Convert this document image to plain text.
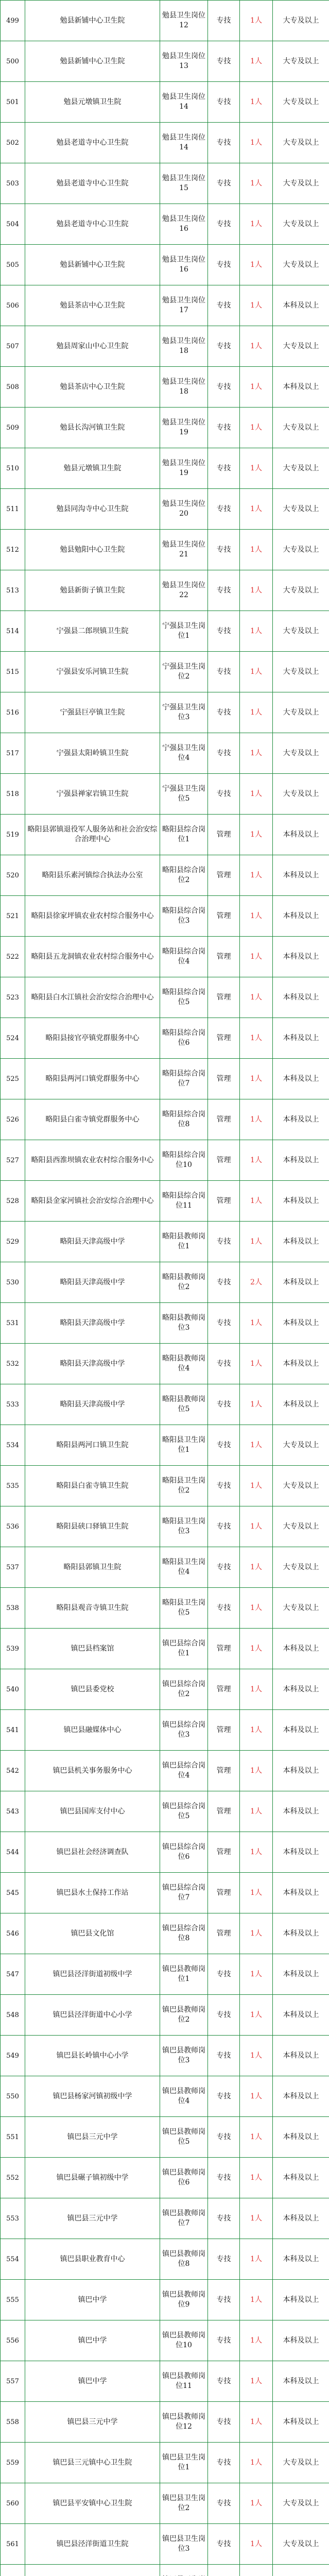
499	勉县新铺中心卫生院	勉县卫生岗位12	专技	1人	大专及以上
500	勉县新铺中心卫生院	勉县卫生岗位13	专技	1人	大专及以上
501	勉县元墩镇卫生院	勉县卫生岗位14	专技	1人	大专及以上
502	勉县老道寺中心卫生院	勉县卫生岗位14	专技	1人	大专及以上
503	勉县老道寺中心卫生院	勉县卫生岗位15	专技	1人	大专及以上
504	勉县老道寺中心卫生院	勉县卫生岗位16	专技	1人	大专及以上
505	勉县新铺中心卫生院	勉县卫生岗位16	专技	1人	大专及以上
506	勉县茶店中心卫生院	勉县卫生岗位17	专技	1人	本科及以上
507	勉县周家山中心卫生院	勉县卫生岗位18	专技	1人	大专及以上
508	勉县茶店中心卫生院	勉县卫生岗位18	专技	1人	本科及以上
509	勉县长沟河镇卫生院	勉县卫生岗位19	专技	1人	大专及以上
510	勉县元墩镇卫生院	勉县卫生岗位19	专技	1人	大专及以上
511	勉县同沟寺中心卫生院	勉县卫生岗位20	专技	1人	大专及以上
512	勉县勉阳中心卫生院	勉县卫生岗位21	专技	1人	大专及以上
513	勉县新街子镇卫生院	勉县卫生岗位22	专技	1人	大专及以上
514	宁强县二郎坝镇卫生院	宁强县卫生岗位1	专技	1人	大专及以上
515	宁强县安乐河镇卫生院	宁强县卫生岗位2	专技	1人	大专及以上
516	宁强县巨亭镇卫生院	宁强县卫生岗位3	专技	1人	大专及以上
517	宁强县太阳岭镇卫生院	宁强县卫生岗位4	专技	1人	大专及以上
518	宁强县禅家岩镇卫生院	宁强县卫生岗位5	专技	1人	大专及以上
519	略阳县郭镇退役军人服务站和社会治安综合治理中心	略阳县综合岗位1	管理	1人	本科及以上
520	略阳县乐素河镇综合执法办公室	略阳县综合岗位2	管理	1人	本科及以上
521	略阳县徐家坪镇农业农村综合服务中心	略阳县综合岗位3	管理	1人	本科及以上
522	略阳县五龙洞镇农业农村综合服务中心	略阳县综合岗位4	管理	1人	本科及以上
523	略阳县白水江镇社会治安综合治理中心	略阳县综合岗位5	管理	1人	本科及以上
524	略阳县接官亭镇党群服务中心	略阳县综合岗位6	管理	1人	本科及以上
525	略阳县两河口镇党群服务中心	略阳县综合岗位7	管理	1人	本科及以上
526	略阳县白雀寺镇党群服务中心	略阳县综合岗位8	管理	1人	本科及以上
527	略阳县西淮坝镇农业农村综合服务中心	略阳县综合岗位10	管理	1人	本科及以上
528	略阳县金家河镇社会治安综合治理中心	略阳县综合岗位11	管理	1人	本科及以上
529	略阳县天津高级中学	略阳县教师岗位1	专技	1人	本科及以上
530	略阳县天津高级中学	略阳县教师岗位2	专技	2人	本科及以上
531	略阳县天津高级中学	略阳县教师岗位3	专技	1人	本科及以上
532	略阳县天津高级中学	略阳县教师岗位4	专技	1人	本科及以上
533	略阳县天津高级中学	略阳县教师岗位5	专技	1人	本科及以上
534	略阳县两河口镇卫生院	略阳县卫生岗位1	专技	1人	大专及以上
535	略阳县白雀寺镇卫生院	略阳县卫生岗位2	专技	1人	大专及以上
536	略阳县硖口驿镇卫生院	略阳县卫生岗位3	专技	1人	大专及以上
537	略阳县郭镇卫生院	略阳县卫生岗位4	专技	1人	大专及以上
538	略阳县观音寺镇卫生院	略阳县卫生岗位5	专技	1人	大专及以上
539	镇巴县档案馆	镇巴县综合岗位1	管理	1人	本科及以上
540	镇巴县委党校	镇巴县综合岗位2	管理	1人	本科及以上
541	镇巴县融媒体中心	镇巴县综合岗位3	管理	1人	本科及以上
542	镇巴县机关事务服务中心	镇巴县综合岗位4	管理	1人	本科及以上
543	镇巴县国库支付中心	镇巴县综合岗位5	管理	1人	本科及以上
544	镇巴县社会经济调查队	镇巴县综合岗位6	管理	1人	本科及以上
545	镇巴县水土保持工作站	镇巴县综合岗位7	管理	1人	本科及以上
546	镇巴县文化馆	镇巴县综合岗位8	管理	1人	本科及以上
547	镇巴县泾洋街道初级中学	镇巴县教师岗位1	专技	1人	本科及以上
548	镇巴县泾洋街道中心小学	镇巴县教师岗位2	专技	1人	本科及以上
549	镇巴县长岭镇中心小学	镇巴县教师岗位3	专技	1人	本科及以上
550	镇巴县杨家河镇初级中学	镇巴县教师岗位4	专技	1人	本科及以上
551	镇巴县三元中学	镇巴县教师岗位5	专技	1人	本科及以上
552	镇巴县碾子镇初级中学	镇巴县教师岗位6	专技	1人	本科及以上
553	镇巴县三元中学	镇巴县教师岗位7	专技	1人	本科及以上
554	镇巴县职业教育中心	镇巴县教师岗位8	专技	1人	本科及以上
555	镇巴中学	镇巴县教师岗位9	专技	1人	本科及以上
556	镇巴中学	镇巴县教师岗位10	专技	1人	本科及以上
557	镇巴中学	镇巴县教师岗位11	专技	1人	本科及以上
558	镇巴县三元中学	镇巴县教师岗位12	专技	1人	本科及以上
559	镇巴县三元镇中心卫生院	镇巴县卫生岗位1	专技	1人	大专及以上
560	镇巴县平安镇中心卫生院	镇巴县卫生岗位2	专技	1人	大专及以上
561	镇巴县泾洋街道卫生院	镇巴县卫生岗位3	专技	1人	大专及以上
